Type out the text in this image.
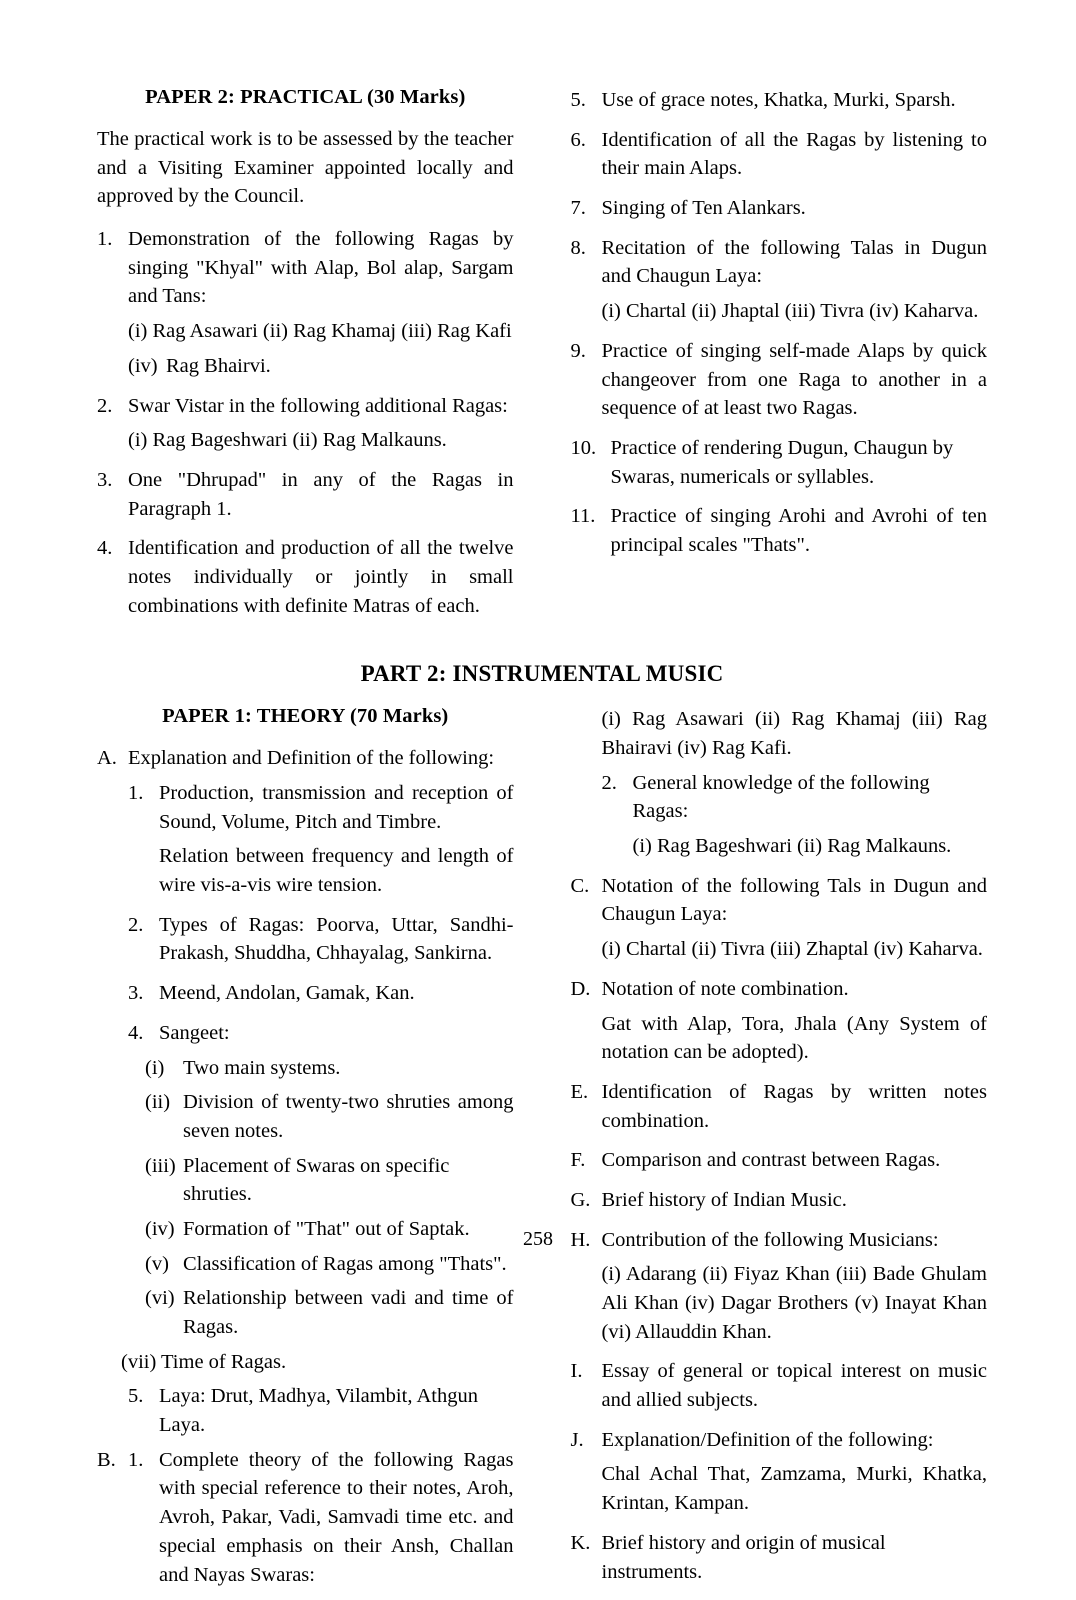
PAPER 2: PRACTICAL (30 Marks)
The practical work is to be assessed by the teacher and a Visiting Examiner appointed locally and approved by the Council.
1. Demonstration of the following Ragas by singing "Khyal" with Alap, Bol alap, Sargam and Tans:
(i) Rag Asawari (ii) Rag Khamaj (iii) Rag Kafi
(iv) Rag Bhairvi.
2. Swar Vistar in the following additional Ragas:
(i) Rag Bageshwari (ii) Rag Malkauns.
3. One "Dhrupad" in any of the Ragas in Paragraph 1.
4. Identification and production of all the twelve notes individually or jointly in small combinations with definite Matras of each.
5. Use of grace notes, Khatka, Murki, Sparsh.
6. Identification of all the Ragas by listening to their main Alaps.
7. Singing of Ten Alankars.
8. Recitation of the following Talas in Dugun and Chaugun Laya:
(i) Chartal (ii) Jhaptal (iii) Tivra (iv) Kaharva.
9. Practice of singing self-made Alaps by quick changeover from one Raga to another in a sequence of at least two Ragas.
10. Practice of rendering Dugun, Chaugun by Swaras, numericals or syllables.
11. Practice of singing Arohi and Avrohi of ten principal scales "Thats".
PART 2: INSTRUMENTAL MUSIC
PAPER 1: THEORY (70 Marks)
A. Explanation and Definition of the following:
1. Production, transmission and reception of Sound, Volume, Pitch and Timbre.
Relation between frequency and length of wire vis-a-vis wire tension.
2. Types of Ragas: Poorva, Uttar, Sandhi-Prakash, Shuddha, Chhayalag, Sankirna.
3. Meend, Andolan, Gamak, Kan.
4. Sangeet:
(i) Two main systems.
(ii) Division of twenty-two shruties among seven notes.
(iii) Placement of Swaras on specific shruties.
(iv) Formation of "That" out of Saptak.
(v) Classification of Ragas among "Thats".
(vi) Relationship between vadi and time of Ragas.
(vii) Time of Ragas.
5. Laya: Drut, Madhya, Vilambit, Athgun Laya.
B. 1. Complete theory of the following Ragas with special reference to their notes, Aroh, Avroh, Pakar, Vadi, Samvadi time etc. and special emphasis on their Ansh, Challan and Nayas Swaras:
(i) Rag Asawari (ii) Rag Khamaj (iii) Rag Bhairavi (iv) Rag Kafi.
2. General knowledge of the following Ragas:
(i) Rag Bageshwari (ii) Rag Malkauns.
C. Notation of the following Tals in Dugun and Chaugun Laya:
(i) Chartal (ii) Tivra (iii) Zhaptal (iv) Kaharva.
D. Notation of note combination.
Gat with Alap, Tora, Jhala (Any System of notation can be adopted).
E. Identification of Ragas by written notes combination.
F. Comparison and contrast between Ragas.
G. Brief history of Indian Music.
H. Contribution of the following Musicians:
(i) Adarang (ii) Fiyaz Khan (iii) Bade Ghulam Ali Khan (iv) Dagar Brothers (v) Inayat Khan (vi) Allauddin Khan.
I. Essay of general or topical interest on music and allied subjects.
J. Explanation/Definition of the following:
Chal Achal That, Zamzama, Murki, Khatka, Krintan, Kampan.
K. Brief history and origin of musical instruments.
258
